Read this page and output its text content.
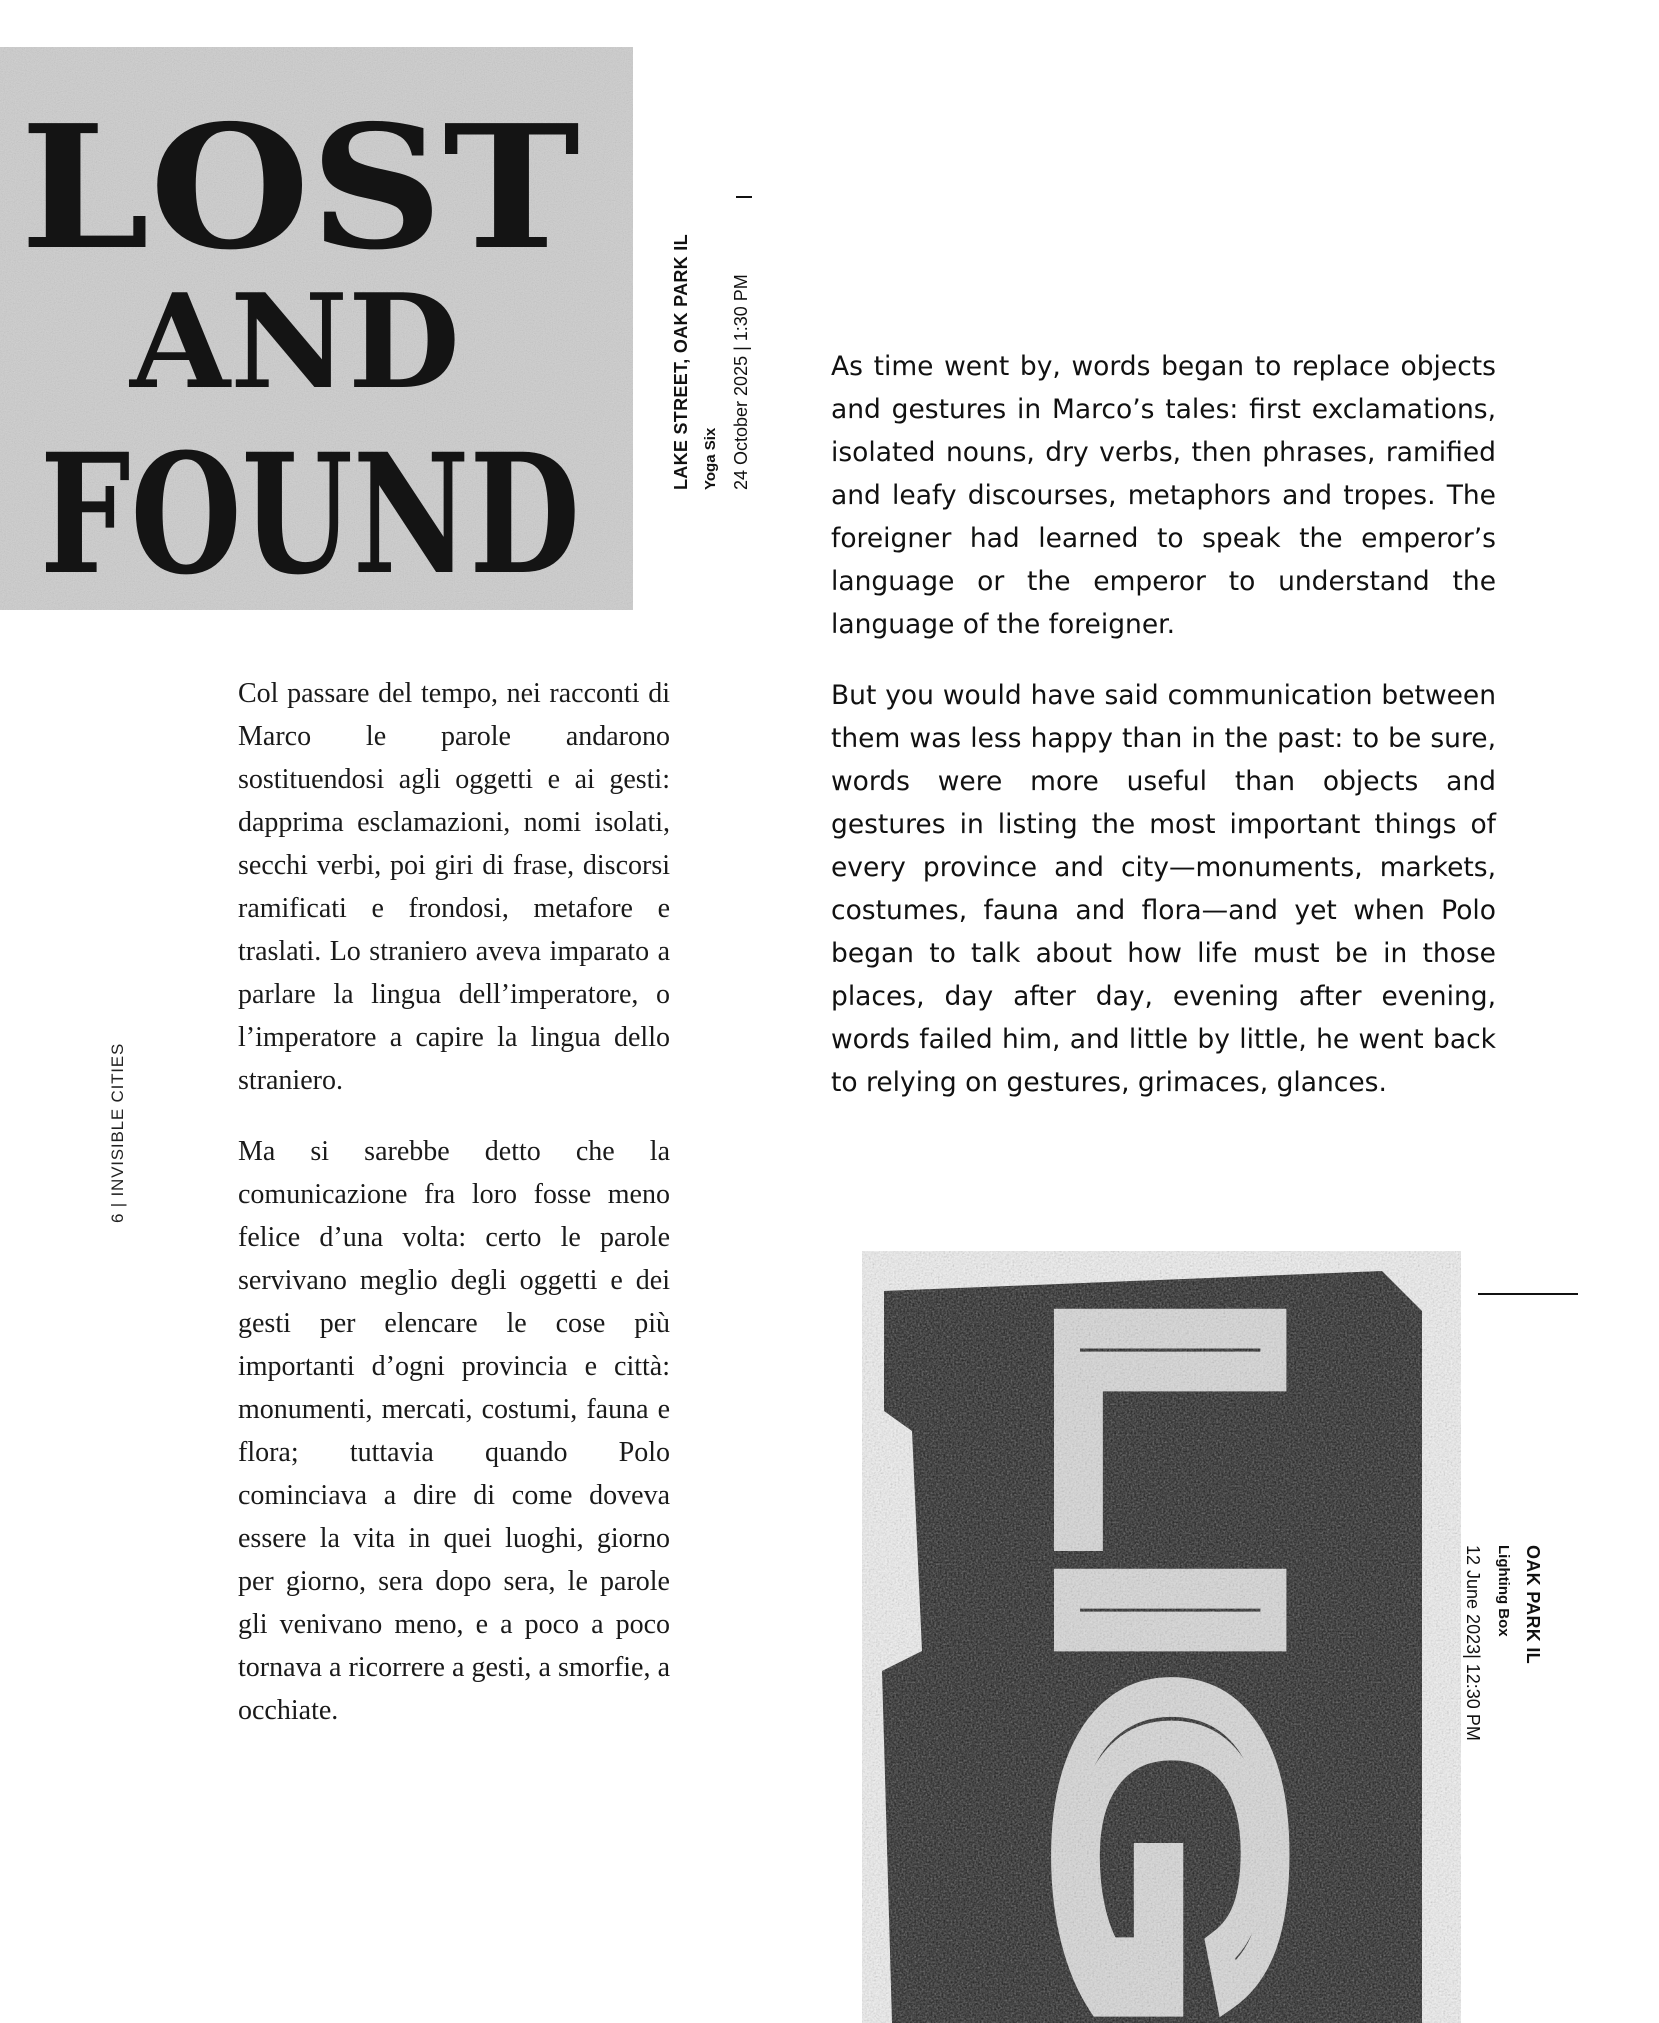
LOST
AND
FOUND
LAKE STREET, OAK PARK IL Yoga Six 24 October 2025 | 1:30 PM
6 | INVISIBLE CITIES

Col passare del tempo, nei racconti di Marco le parole andarono sostituendosi agli oggetti e ai gesti: dapprima esclamazioni, nomi isolati, secchi verbi, poi giri di frase, discorsi ramificati e frondosi, metafore e traslati. Lo straniero aveva imparato a parlare la lingua dell’imperatore, o l’imperatore a capire la lingua dello straniero.

Ma si sarebbe detto che la comunicazione fra loro fosse meno felice d’una volta: certo le parole servivano meglio degli oggetti e dei gesti per elencare le cose più importanti d’ogni provincia e città: monumenti, mercati, costumi, fauna e flora; tuttavia quando Polo cominciava a dire di come doveva essere la vita in quei luoghi, giorno per giorno, sera dopo sera, le parole gli venivano meno, e a poco a poco tornava a ricorrere a gesti, a smorfie, a occhiate.

As time went by, words began to replace objects and gestures in Marco’s tales: first exclamations, isolated nouns, dry verbs, then phrases, ramified and leafy discourses, metaphors and tropes. The foreigner had learned to speak the emperor’s language or the emperor to understand the language of the foreigner.

But you would have said communication between them was less happy than in the past: to be sure, words were more useful than objects and gestures in listing the most important things of every province and city—monuments, markets, costumes, fauna and flora—and yet when Polo began to talk about how life must be in those places, day after day, evening after evening, words failed him, and little by little, he went back to relying on gestures, grimaces, glances.

OAK PARK IL
Lighting Box
12 June 2023| 12:30 PM
